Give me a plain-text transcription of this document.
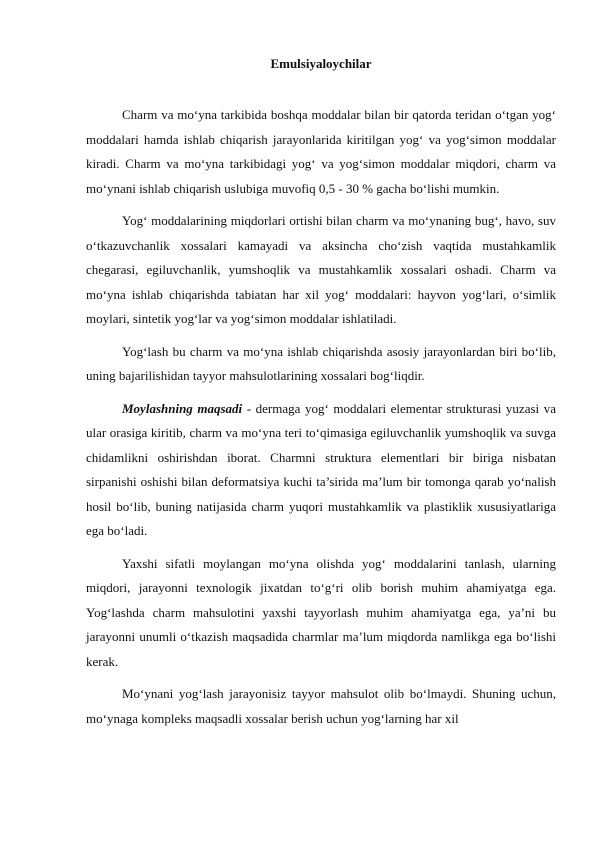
Emulsiyaloychilar

Charm va mo‘yna tarkibida boshqa moddalar bilan bir qatorda teridan o‘tgan yog‘ moddalari hamda ishlab chiqarish jarayonlarida kiritilgan yog‘ va yog‘simon moddalar kiradi. Charm va mo‘yna tarkibidagi yog‘ va yog‘simon moddalar miqdori, charm va mo‘ynani ishlab chiqarish uslubiga muvofiq 0,5 - 30 % gacha bo‘lishi mumkin.

Yog‘ moddalarining miqdorlari ortishi bilan charm va mo‘ynaning bug‘, havo, suv o‘tkazuvchanlik xossalari kamayadi va aksincha cho‘zish vaqtida mustahkamlik chegarasi, egiluvchanlik, yumshoqlik va mustahkamlik xossalari oshadi. Charm va mo‘yna ishlab chiqarishda tabiatan har xil yog‘ moddalari: hayvon yog‘lari, o‘simlik moylari, sintetik yog‘lar va yog‘simon moddalar ishlatiladi.

Yog‘lash bu charm va mo‘yna ishlab chiqarishda asosiy jarayonlardan biri bo‘lib, uning bajarilishidan tayyor mahsulotlarining xossalari bog‘liqdir.

Moylashning maqsadi - dermaga yog‘ moddalari elementar strukturasi yuzasi va ular orasiga kiritib, charm va mo‘yna teri to‘qimasiga egiluvchanlik yumshoqlik va suvga chidamlikni oshirishdan iborat. Charmni struktura elementlari bir biriga nisbatan sirpanishi oshishi bilan deformatsiya kuchi ta’sirida ma’lum bir tomonga qarab yo‘nalish hosil bo‘lib, buning natijasida charm yuqori mustahkamlik va plastiklik xususiyatlariga ega bo‘ladi.

Yaxshi sifatli moylangan mo‘yna olishda yog‘ moddalarini tanlash, ularning miqdori, jarayonni texnologik jixatdan to‘g‘ri olib borish muhim ahamiyatga ega. Yog‘lashda charm mahsulotini yaxshi tayyorlash muhim ahamiyatga ega, ya’ni bu jarayonni unumli o‘tkazish maqsadida charmlar ma’lum miqdorda namlikga ega bo‘lishi kerak.

Mo‘ynani yog‘lash jarayonisiz tayyor mahsulot olib bo‘lmaydi. Shuning uchun, mo‘ynaga kompleks maqsadli xossalar berish uchun yog‘larning har xil
